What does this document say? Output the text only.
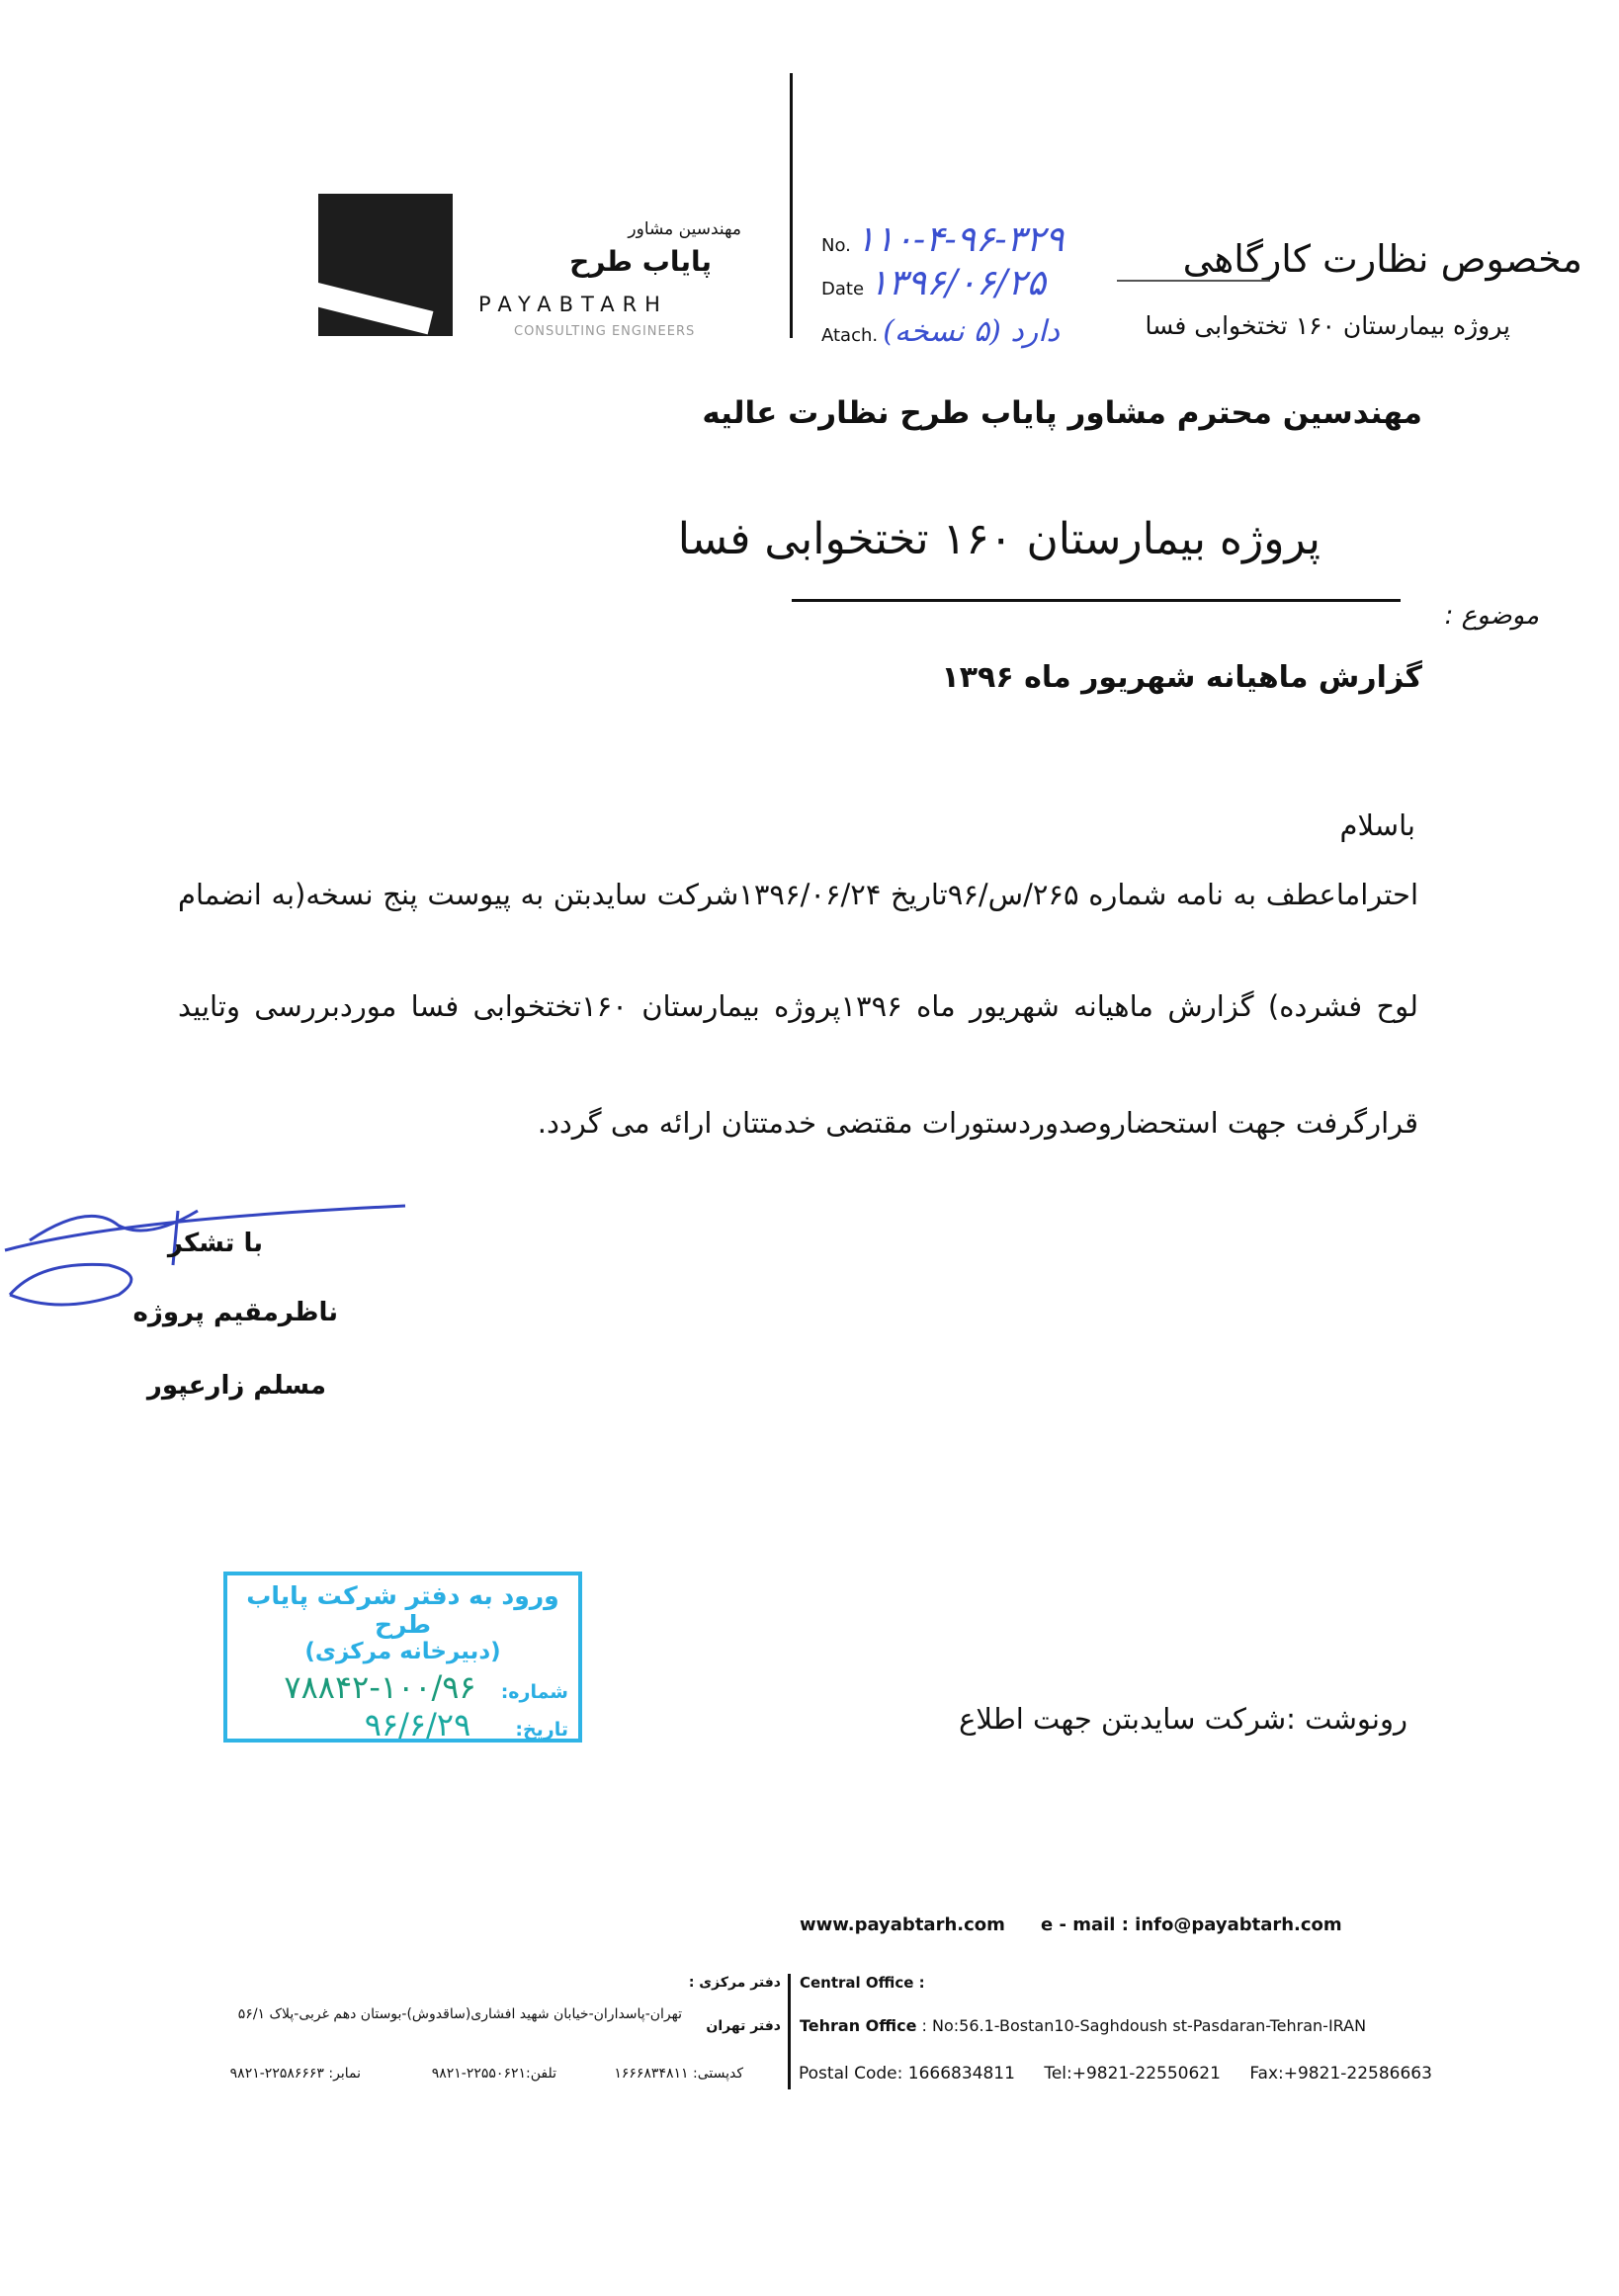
مهندسین مشاور
پایاب طرح
PAYABTARH
CONSULTING ENGINEERS
No. ۱۱۰-۴-۹۶-۳۲۹
Date ۱۳۹۶/۰۶/۲۵
Atach. دارد (۵ نسخه)
مخصوص نظارت کارگاهی
پروژه بیمارستان ۱۶۰ تختخوابی فسا
مهندسین محترم مشاور پایاب طرح نظارت عالیه
پروژه بیمارستان ۱۶۰ تختخوابی فسا
موضوع :
گزارش ماهیانه شهریور ماه ۱۳۹۶
باسلام
احتراماعطف به نامه شماره ۲۶۵/س/۹۶تاریخ ۱۳۹۶/۰۶/۲۴شرکت سایدبتن به پیوست پنج نسخه(به انضمام
لوح فشرده) گزارش ماهیانه شهریور ماه ۱۳۹۶پروژه بیمارستان ۱۶۰تختخوابی فسا موردبررسی وتایید
قرارگرفت جهت استحضاروصدوردستورات مقتضی خدمتتان ارائه می گردد.
با تشکر
ناظرمقیم پروژه
مسلم زارعپور
ورود به دفتر شرکت پایاب طرح
(دبیرخانه مرکزی)
شماره: ۱۰۰/۹۶-۷۸۸۴۲
تاریخ: ۹۶/۶/۲۹	رونوشت :شرکت سایدبتن جهت اطلاع
www.payabtarh.com e - mail : info@payabtarh.com
Central Office :
Tehran Office : No:56.1-Bostan10-Saghdoush st-Pasdaran-Tehran-IRAN
Postal Code: 1666834811 Tel:+9821-22550621 Fax:+9821-22586663
دفتر مرکزی :
دفتر تهران
تهران-پاسداران-خیابان شهید افشاری(ساقدوش)-بوستان دهم غربی-پلاک ۵۶/۱
کدپستی: ۱۶۶۶۸۳۴۸۱۱
تلفن:۲۲۵۵۰۶۲۱-۹۸۲۱
نمابر: ۲۲۵۸۶۶۶۳-۹۸۲۱
